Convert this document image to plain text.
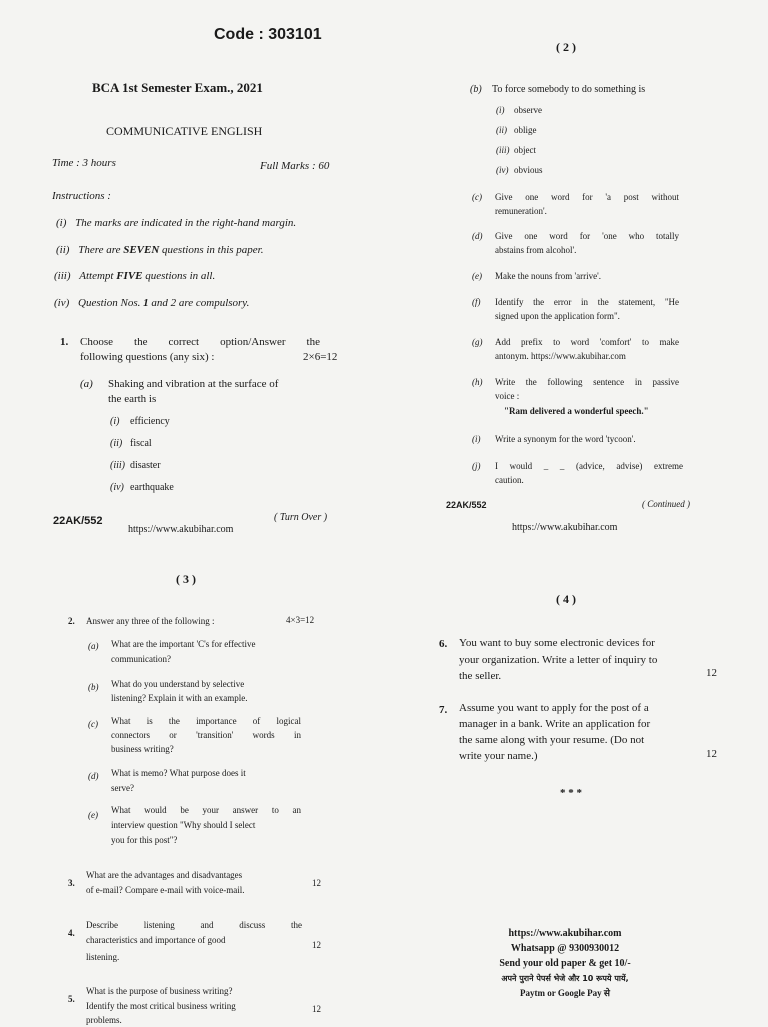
Code : 303101
BCA 1st Semester Exam., 2021
COMMUNICATIVE ENGLISH
Time : 3 hours	Full Marks : 60
Instructions :
(i) The marks are indicated in the right-hand margin.
(ii) There are SEVEN questions in this paper.
(iii) Attempt FIVE questions in all.
(iv) Question Nos. 1 and 2 are compulsory.
1. Choose the correct option/Answer the
following questions (any six) :	2×6=12
(a) Shaking and vibration at the surface of
the earth is
(i) efficiency
(ii) fiscal
(iii) disaster
(iv) earthquake
22AK/552	( Turn Over )
https://www.akubihar.com
( 2 )
(b) To force somebody to do something is
(i) observe
(ii) oblige
(iii) object
(iv) obvious
(c) Give one word for 'a post without
remuneration'.
(d) Give one word for 'one who totally
abstains from alcohol'.
(e) Make the nouns from 'arrive'.
(f) Identify the error in the statement, "He
signed upon the application form".
(g) Add prefix to word 'comfort' to make
antonym. https://www.akubihar.com
(h) Write the following sentence in passive
voice :
"Ram delivered a wonderful speech."
(i) Write a synonym for the word 'tycoon'.
(j) I would _ _ (advice, advise) extreme
caution.
22AK/552	( Continued )
https://www.akubihar.com
( 3 )
2. Answer any three of the following :	4×3=12
(a) What are the important 'C's for effective
communication?
(b) What do you understand by selective
listening? Explain it with an example.
(c) What is the importance of logical
connectors or 'transition' words in
business writing?
(d) What is memo? What purpose does it
serve?
(e) What would be your answer to an
interview question "Why should I select
you for this post"?
3.
What are the advantages and disadvantages
of e-mail? Compare e-mail with voice-mail.
12
4.
Describe listening and discuss the
characteristics and importance of good
listening.
12
5.
What is the purpose of business writing?
Identify the most critical business writing
problems.
12
( 4 )
6. You want to buy some electronic devices for
your organization. Write a letter of inquiry to
the seller.	12
7. Assume you want to apply for the post of a
manager in a bank. Write an application for
the same along with your resume. (Do not
write your name.)	12
* * *
https://www.akubihar.com
Whatsapp @ 9300930012
Send your old paper & get 10/-
अपने पुराने पेपर्स भेजे और 10 रूपये पायें,
Paytm or Google Pay से
